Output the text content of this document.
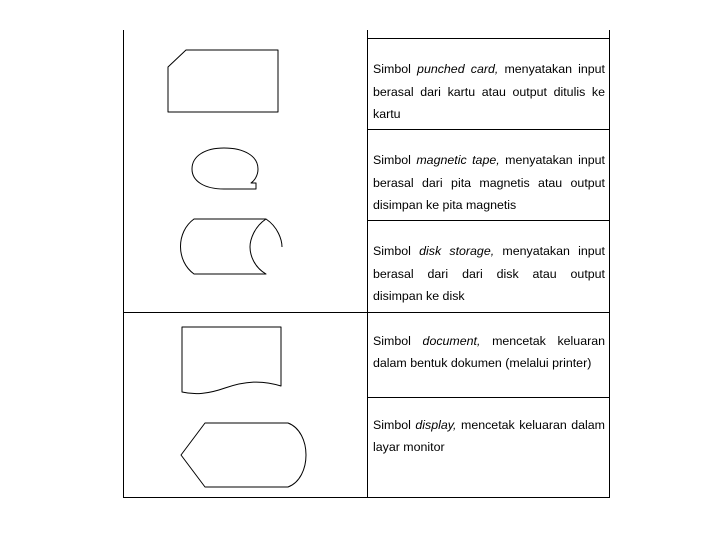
Simbol punched card, menyatakan input berasal dari kartu atau output ditulis ke kartu

Simbol magnetic tape, menyatakan input berasal dari pita magnetis atau output disimpan ke pita magnetis

Simbol disk storage, menyatakan input berasal dari dari disk atau output disimpan ke disk

Simbol document, mencetak keluaran dalam bentuk dokumen (melalui printer)

Simbol display, mencetak keluaran dalam layar monitor
